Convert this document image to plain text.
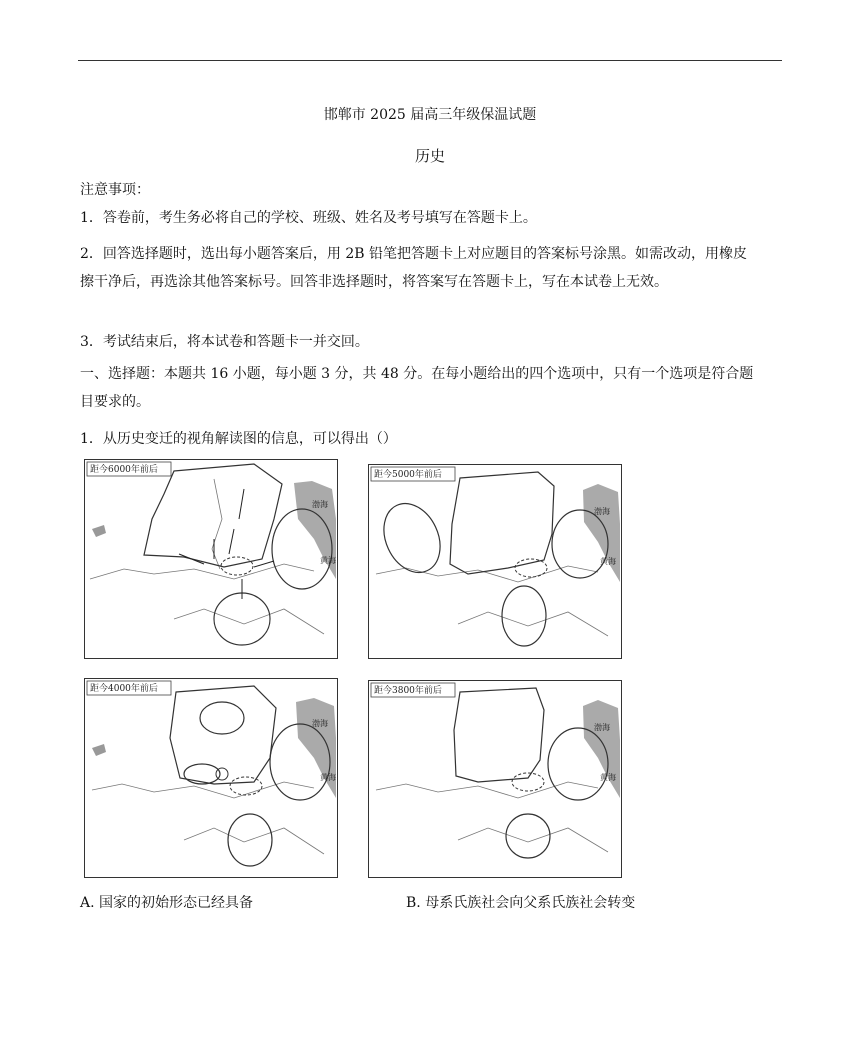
邯郸市 2025 届高三年级保温试题
历史
注意事项：
1．答卷前，考生务必将自己的学校、班级、姓名及考号填写在答题卡上。
2．回答选择题时，选出每小题答案后，用 2B 铅笔把答题卡上对应题目的答案标号涂黑。如需改动，用橡皮擦干净后，再选涂其他答案标号。回答非选择题时，将答案写在答题卡上，写在本试卷上无效。
3．考试结束后，将本试卷和答题卡一并交回。
一、选择题：本题共 16 小题，每小题 3 分，共 48 分。在每小题给出的四个选项中，只有一个选项是符合题目要求的。
1．从历史变迁的视角解读图的信息，可以得出（）
距今6000年前后
渤海
黄海
距今5000年前后
渤海
黄海
距今4000年前后
渤海
黄海
距今3800年前后
渤海
黄海
A. 国家的初始形态已经具备	B. 母系氏族社会向父系氏族社会转变
